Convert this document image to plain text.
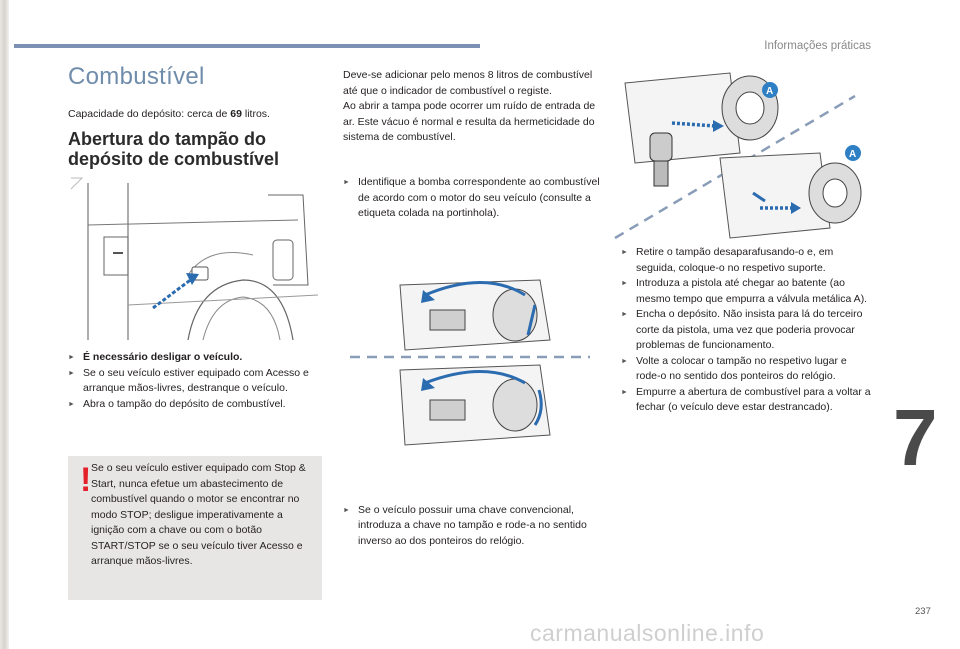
Informações práticas
Combustível
Capacidade do depósito: cerca de 69 litros.
Abertura do tampão do
depósito de combustível
► É necessário desligar o veículo.
► Se o seu veículo estiver equipado com Acesso e arranque mãos-livres, destranque o veículo.
► Abra o tampão do depósito de combustível.
! Se o seu veículo estiver equipado com Stop & Start, nunca efetue um abastecimento de combustível quando o motor se encontrar no modo STOP; desligue imperativamente a ignição com a chave ou com o botão START/STOP se o seu veículo tiver Acesso e arranque mãos-livres.
Deve-se adicionar pelo menos 8 litros de combustível até que o indicador de combustível o registe.
Ao abrir a tampa pode ocorrer um ruído de entrada de ar. Este vácuo é normal e resulta da hermeticidade do sistema de combustível.
► Identifique a bomba correspondente ao combustível de acordo com o motor do seu veículo (consulte a etiqueta colada na portinhola).
► Se o veículo possuir uma chave convencional, introduza a chave no tampão e rode-a no sentido inverso ao dos ponteiros do relógio.
A
A
► Retire o tampão desaparafusando-o e, em seguida, coloque-o no respetivo suporte.
► Introduza a pistola até chegar ao batente (ao mesmo tempo que empurra a válvula metálica A).
► Encha o depósito. Não insista para lá do terceiro corte da pistola, uma vez que poderia provocar problemas de funcionamento.
► Volte a colocar o tampão no respetivo lugar e rode-o no sentido dos ponteiros do relógio.
► Empurre a abertura de combustível para a voltar a fechar (o veículo deve estar destrancado). 7
237
carmanualsonline.info
